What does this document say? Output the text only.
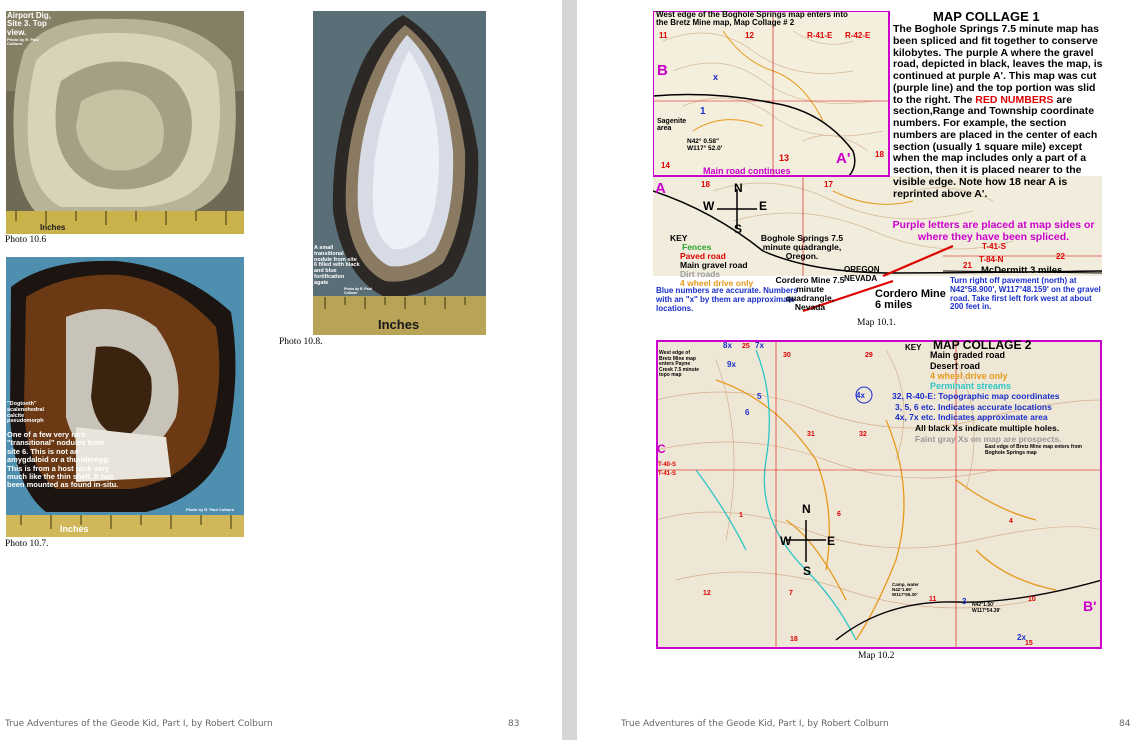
Airport Dig, Site 3. Top view.
Photo by R. Paul Colburn
Inches
Photo 10.6
"Dogtooth" scalenohedral calcite pseudomorph
One of a few very rare "transitional" nodules from site 6. This is not an amygdaloid or a thunderegg. This is from a host rock very much like the thin shell. It has been mounted as found in-situ.
Photo by R. Paul Colburn
Inches
Photo 10.7.
A small transitional nodule from site 6 filled with black and blue fortification agate
Photo by R. Paul Colburn
Inches
Photo 10.8.
True Adventures of the Geode Kid, Part I, by Robert Colburn	83
West edge of the Boghole Springs map enters into the Bretz Mine map, Map Collage # 2	MAP COLLAGE 1
The Boghole Springs 7.5 minute map has been spliced and fit together to conserve kilobytes. The purple A where the gravel road, depicted in black, leaves the map, is continued at purple A'. This map was cut (purple line) and the top portion was slid to the right. The RED NUMBERS are section,Range and Township coordinate numbers. For example, the section numbers are placed in the center of each section (usually 1 square mile) except when the map includes only a part of a section, then it is placed nearer to the visible edge. Note how 18 near A is reprinted above A'.
Purple letters are placed at map sides or where they have been spliced.
Sagenite area
N42° 0.58" W117° 52.0'
Main road continues
11	12	R-41-E R-42-E
14
13	18
18	17
22
21
B
A
A'
x
1
N
W	E
S
KEY
Fences
Paved road
Main gravel road
Dirt roads
4 wheel drive only
Blue numbers are accurate. Numbers with an "x" by them are approximate locations.
Boghole Springs 7.5 minute quadrangle, Oregon.
Cordero Mine 7.5 minute quadrangle, Nevada
OREGON
NEVADA
McDermitt 3 miles
Cordero Mine 6 miles
Turn right off pavement (north) at N42°58.900', W117°48.159' on the gravel road. Take first left fork west at about 200 feet in.
T-41-S
T-84-N
Map 10.1.
MAP COLLAGE 2
KEY
Main graded road
Desert road
4 wheel drive only
Perminant streams
32, R-40-E: Topographic map coordinates
3, 5, 6 etc. Indicates accurate locations
4x, 7x etc. Indicates approximate area
All black Xs indicate multiple holes.
Faint gray Xs on map are prospects.
West edge of Bretz Mine map enters Payne Creek 7.5 minute topo map
East edge of Bretz Mine map enters from Boghole Springs map
Camp, water N42°1.65' W117°55.30'
N42°1.50' W117°54.39'
T-40-S
T-41-S
C
B'
8x	7x
9x
5	4x
6
3
2x
25
30	29
32
31
6
4
1
7
12
11	10
15
18
N
W	E
S
Map 10.2
True Adventures of the Geode Kid, Part I, by Robert Colburn	84
